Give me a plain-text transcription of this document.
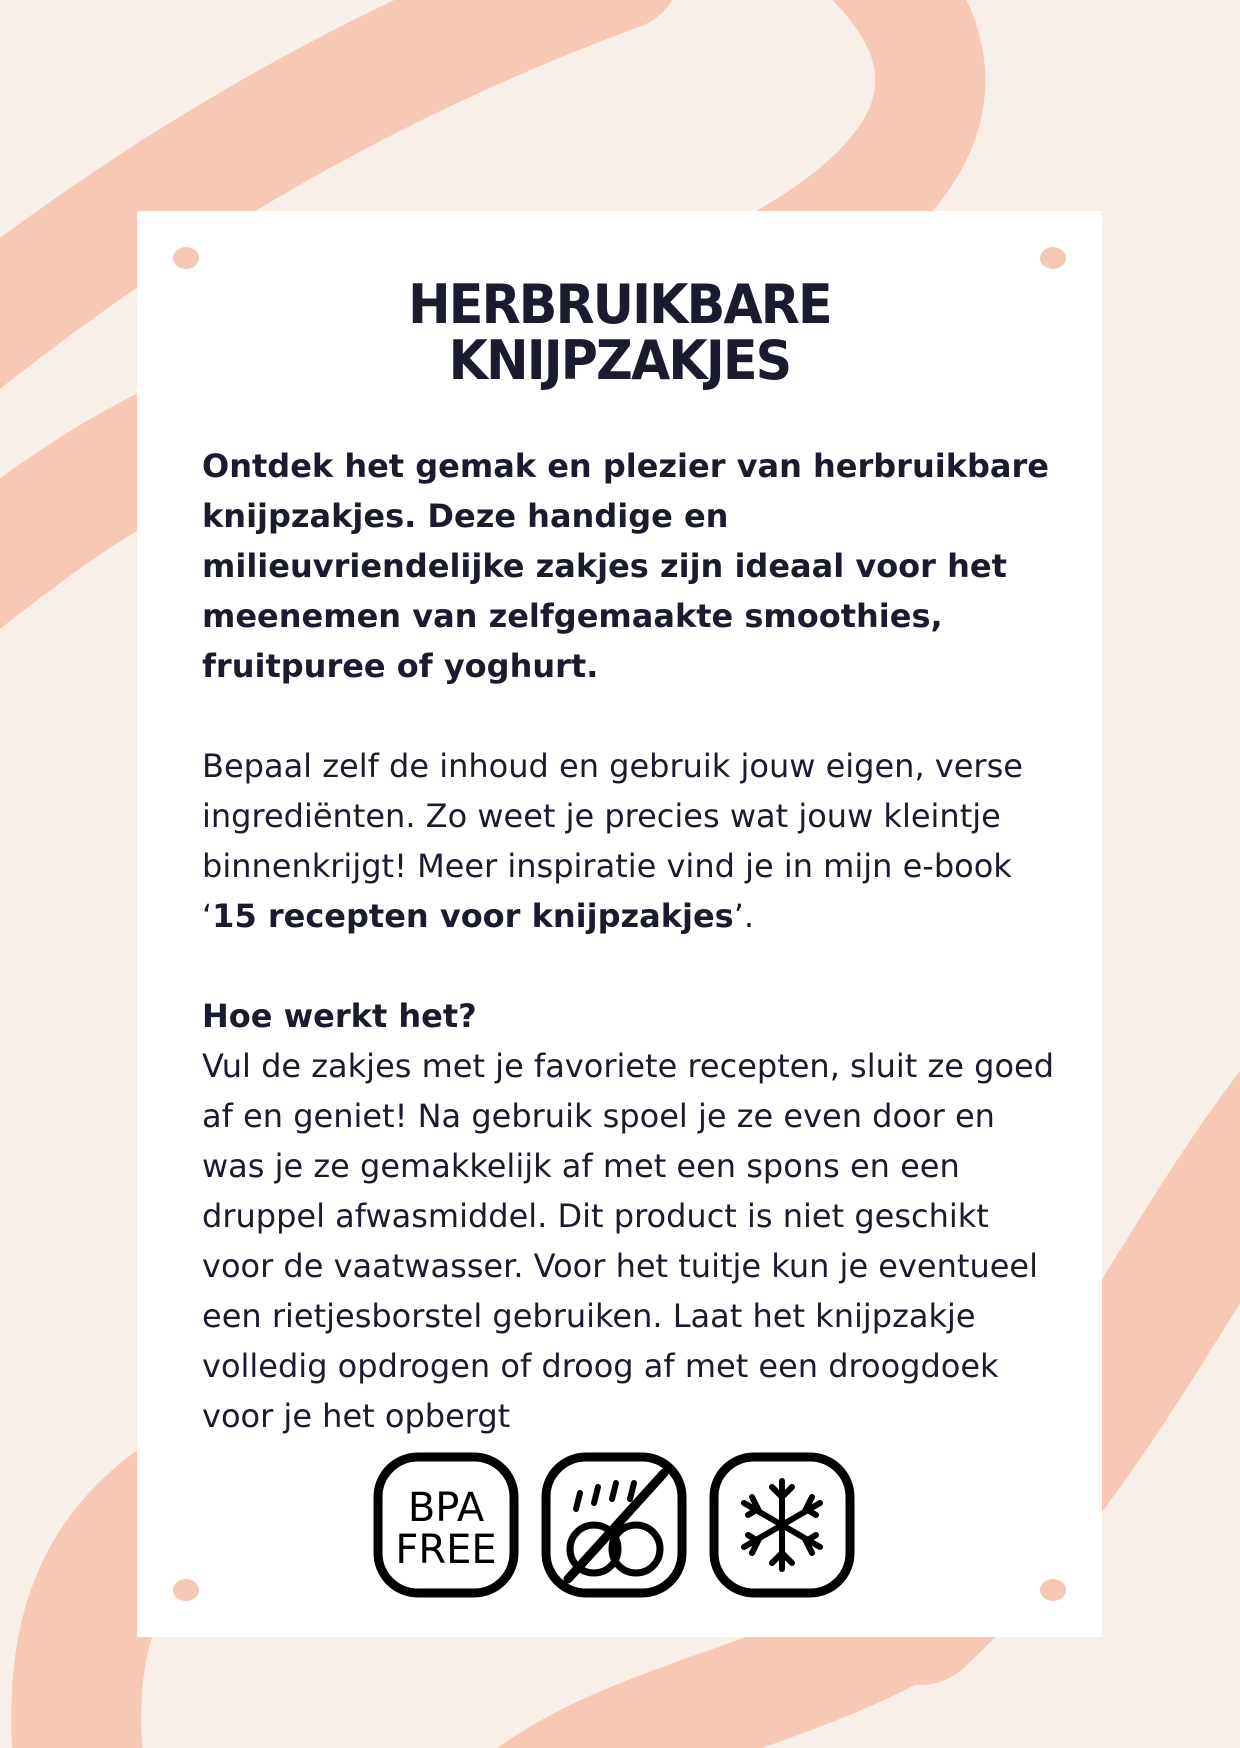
HERBRUIKBARE
KNIJPZAKJES

Ontdek het gemak en plezier van herbruikbare knijpzakjes. Deze handige en milieuvriendelijke zakjes zijn ideaal voor het meenemen van zelfgemaakte smoothies, fruitpuree of yoghurt.

Bepaal zelf de inhoud en gebruik jouw eigen, verse ingrediënten. Zo weet je precies wat jouw kleintje binnenkrijgt! Meer inspiratie vind je in mijn e-book ‘15 recepten voor knijpzakjes’.

Hoe werkt het?

Vul de zakjes met je favoriete recepten, sluit ze goed af en geniet! Na gebruik spoel je ze even door en was je ze gemakkelijk af met een spons en een druppel afwasmiddel. Dit product is niet geschikt voor de vaatwasser. Voor het tuitje kun je eventueel een rietjesborstel gebruiken. Laat het knijpzakje volledig opdrogen of droog af met een droogdoek voor je het opbergt

BPA
FREE
